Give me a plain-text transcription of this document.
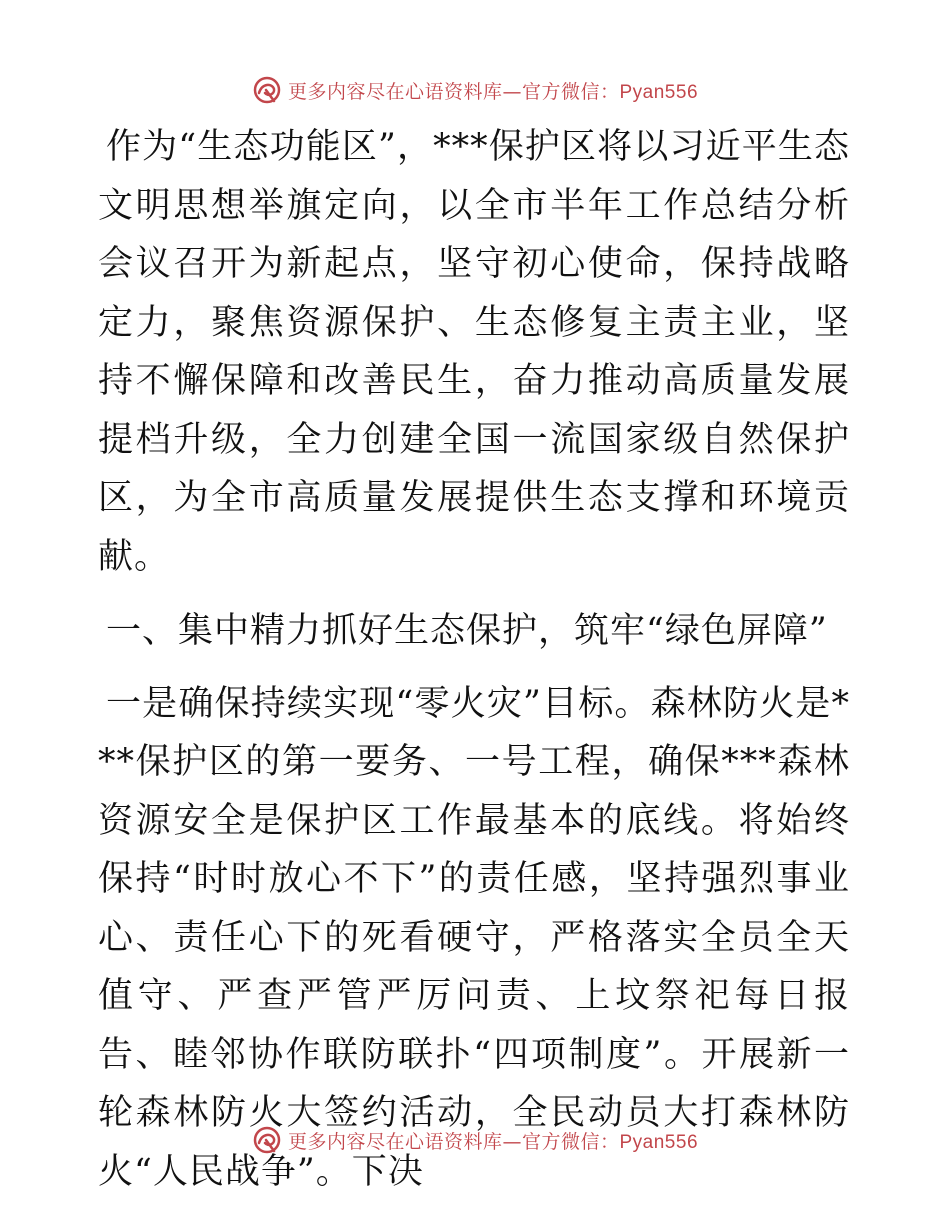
更多内容尽在心语资料库—官方微信：Pyan556

作为“生态功能区”，***保护区将以习近平生态文明思想举旗定向，以全市半年工作总结分析会议召开为新起点，坚守初心使命，保持战略定力，聚焦资源保护、生态修复主责主业，坚持不懈保障和改善民生，奋力推动高质量发展提档升级，全力创建全国一流国家级自然保护区，为全市高质量发展提供生态支撑和环境贡献。

一、集中精力抓好生态保护，筑牢“绿色屏障”

一是确保持续实现“零火灾”目标。森林防火是***保护区的第一要务、一号工程，确保***森林资源安全是保护区工作最基本的底线。将始终保持“时时放心不下”的责任感，坚持强烈事业心、责任心下的死看硬守，严格落实全员全天值守、严查严管严厉问责、上坟祭祀每日报告、睦邻协作联防联扑“四项制度”。开展新一轮森林防火大签约活动，全民动员大打森林防火“人民战争”。下决

更多内容尽在心语资料库—官方微信：Pyan556
